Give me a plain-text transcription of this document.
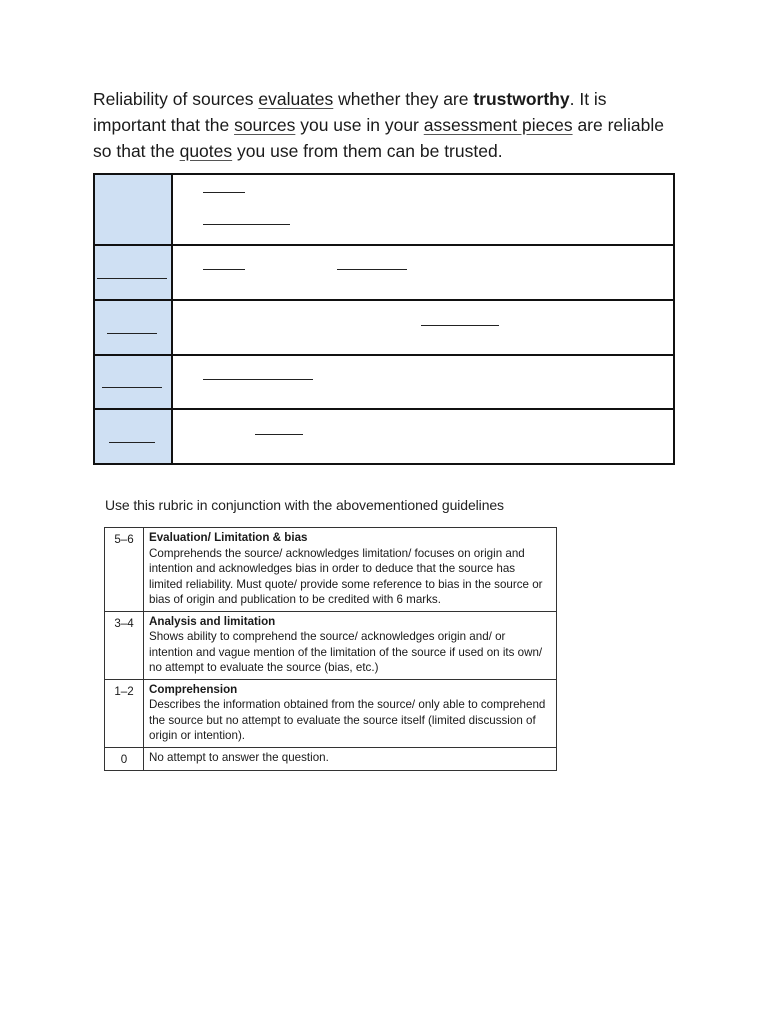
Reliability of sources evaluates whether they are trustworthy. It is important that the sources you use in your assessment pieces are reliable so that the quotes you use from them can be trusted.

Use this rubric in conjunction with the abovementioned guidelines
5–6	Evaluation/ Limitation & bias
Comprehends the source/ acknowledges limitation/ focuses on origin and intention and acknowledges bias in order to deduce that the source has limited reliability. Must quote/ provide some reference to bias in the source or bias of origin and publication to be credited with 6 marks.
3–4	Analysis and limitation
Shows ability to comprehend the source/ acknowledges origin and/ or intention and vague mention of the limitation of the source if used on its own/ no attempt to evaluate the source (bias, etc.)
1–2	Comprehension
Describes the information obtained from the source/ only able to comprehend the source but no attempt to evaluate the source itself (limited discussion of origin or intention).
0	No attempt to answer the question.
